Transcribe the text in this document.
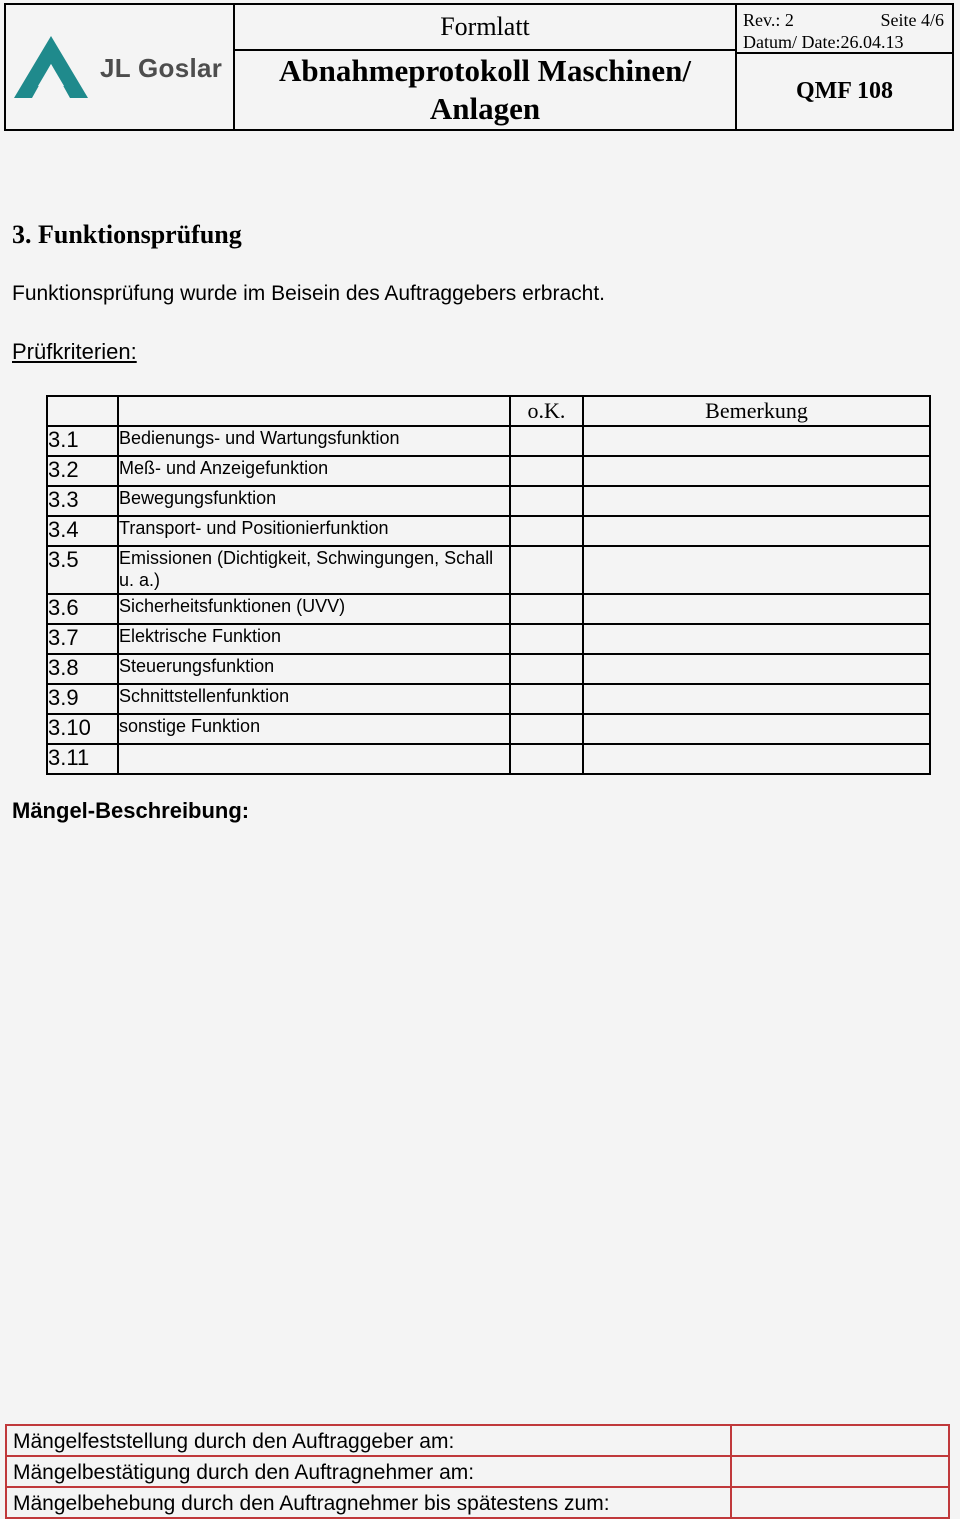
JL Goslar
Formlatt
Abnahmeprotokoll Maschinen/ Anlagen
Rev.: 2	Seite 4/6
Datum/ Date:26.04.13
QMF 108
3. Funktionsprüfung
Funktionsprüfung wurde im Beisein des Auftraggebers erbracht.
Prüfkriterien:
		o.K.	Bemerkung
3.1	Bedienungs- und Wartungsfunktion		
3.2	Meß- und Anzeigefunktion		
3.3	Bewegungsfunktion		
3.4	Transport- und Positionierfunktion		
3.5	Emissionen (Dichtigkeit, Schwingungen, Schall u. a.)		
3.6	Sicherheitsfunktionen (UVV)		
3.7	Elektrische Funktion		
3.8	Steuerungsfunktion		
3.9	Schnittstellenfunktion		
3.10	sonstige Funktion		
3.11			
Mängel-Beschreibung:
Mängelfeststellung durch den Auftraggeber am:	
Mängelbestätigung durch den Auftragnehmer am:	
Mängelbehebung durch den Auftragnehmer bis spätestens zum:	
